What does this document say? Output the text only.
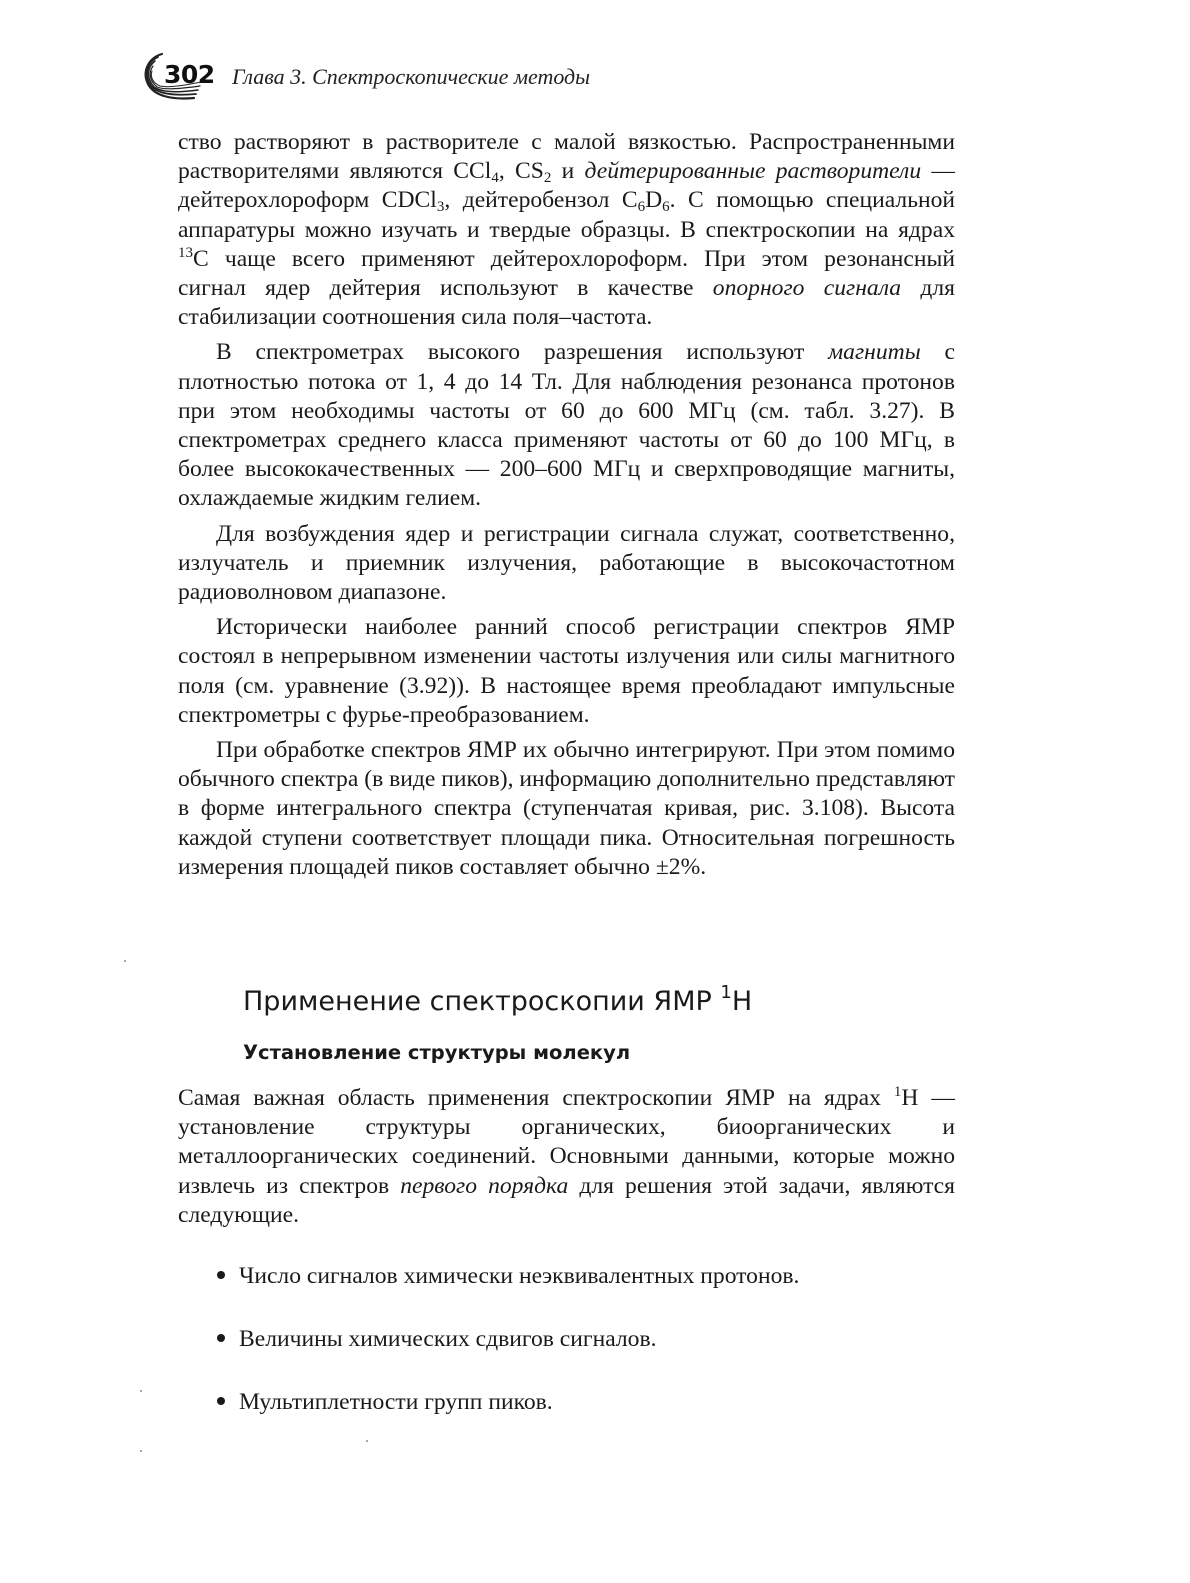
302 Глава 3. Спектроскопические методы

ство растворяют в растворителе с малой вязкостью. Распространенными растворителями являются CCl$_4$, $CS_2$ и дейтерированные растворители — дейтерохлороформ CDCl$_3$, дейтеробензол $C_6D_6$. С помощью специальной аппаратуры можно изучать и твердые образцы. В спектроскопии на ядрах $^{13}$C чаще всего применяют дейтерохлороформ. При этом резонансный сигнал ядер дейтерия используют в качестве опорного сигнала для стабилизации соотношения сила поля–частота.

В спектрометрах высокого разрешения используют магниты с плотностью потока от 1, 4 до 14 Тл. Для наблюдения резонанса протонов при этом необходимы частоты от 60 до 600 МГц (см. табл. 3.27). В спектрометрах среднего класса применяют частоты от 60 до 100 МГц, в более высококачественных — 200–600 МГц и сверхпроводящие магниты, охлаждаемые жидким гелием.

Для возбуждения ядер и регистрации сигнала служат, соответственно, излучатель и приемник излучения, работающие в высокочастотном радиоволновом диапазоне.

Исторически наиболее ранний способ регистрации спектров ЯМР состоял в непрерывном изменении частоты излучения или силы магнитного поля (см. уравнение (3.92)). В настоящее время преобладают импульсные спектрометры с фурье-преобразованием.

При обработке спектров ЯМР их обычно интегрируют. При этом помимо обычного спектра (в виде пиков), информацию дополнительно представляют в форме интегрального спектра (ступенчатая кривая, рис. 3.108). Высота каждой ступени соответствует площади пика. Относительная погрешность измерения площадей пиков составляет обычно ±2%.

Применение спектроскопии ЯМР $^1$H
Установление структуры молекул

Самая важная область применения спектроскопии ЯМР на ядрах $^1$H — установление структуры органических, биоорганических и металлоорганических соединений. Основными данными, которые можно извлечь из спектров первого порядка для решения этой задачи, являются следующие.

Число сигналов химически неэквивалентных протонов.
Величины химических сдвигов сигналов.
Мультиплетности групп пиков.
